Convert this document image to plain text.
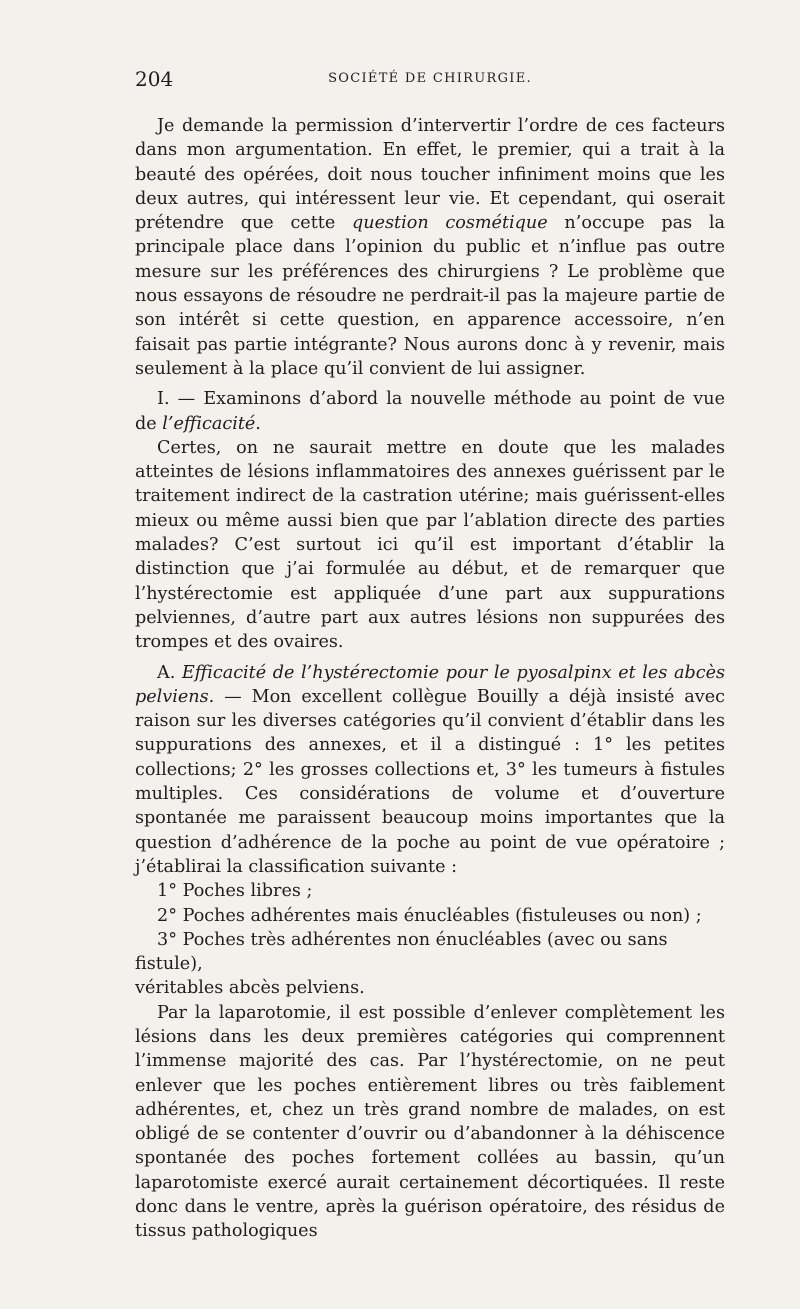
204	SOCIÉTÉ DE CHIRURGIE.

Je demande la permission d’intervertir l’ordre de ces facteurs dans mon argumentation. En effet, le premier, qui a trait à la beauté des opérées, doit nous toucher infiniment moins que les deux autres, qui intéressent leur vie. Et cependant, qui oserait prétendre que cette question cosmétique n’occupe pas la principale place dans l’opinion du public et n’influe pas outre mesure sur les préférences des chirurgiens ? Le problème que nous essayons de résoudre ne perdrait-il pas la majeure partie de son intérêt si cette question, en apparence accessoire, n’en faisait pas partie intégrante? Nous aurons donc à y revenir, mais seulement à la place qu’il convient de lui assigner.

I. — Examinons d’abord la nouvelle méthode au point de vue de l’efficacité.

Certes, on ne saurait mettre en doute que les malades atteintes de lésions inflammatoires des annexes guérissent par le traitement indirect de la castration utérine; mais guérissent-elles mieux ou même aussi bien que par l’ablation directe des parties malades? C’est surtout ici qu’il est important d’établir la distinction que j’ai formulée au début, et de remarquer que l’hystérectomie est appliquée d’une part aux suppurations pelviennes, d’autre part aux autres lésions non suppurées des trompes et des ovaires.

A. Efficacité de l’hystérectomie pour le pyosalpinx et les abcès pelviens. — Mon excellent collègue Bouilly a déjà insisté avec raison sur les diverses catégories qu’il convient d’établir dans les suppurations des annexes, et il a distingué : 1° les petites collections; 2° les grosses collections et, 3° les tumeurs à fistules multiples. Ces considérations de volume et d’ouverture spontanée me paraissent beaucoup moins importantes que la question d’adhérence de la poche au point de vue opératoire ; j’établirai la classification suivante :

1° Poches libres ;

2° Poches adhérentes mais énucléables (fistuleuses ou non) ;

3° Poches très adhérentes non énucléables (avec ou sans fistule),

véritables abcès pelviens.

Par la laparotomie, il est possible d’enlever complètement les lésions dans les deux premières catégories qui comprennent l’immense majorité des cas. Par l’hystérectomie, on ne peut enlever que les poches entièrement libres ou très faiblement adhérentes, et, chez un très grand nombre de malades, on est obligé de se contenter d’ouvrir ou d’abandonner à la déhiscence spontanée des poches fortement collées au bassin, qu’un laparotomiste exercé aurait certainement décortiquées. Il reste donc dans le ventre, après la guérison opératoire, des résidus de tissus pathologiques
